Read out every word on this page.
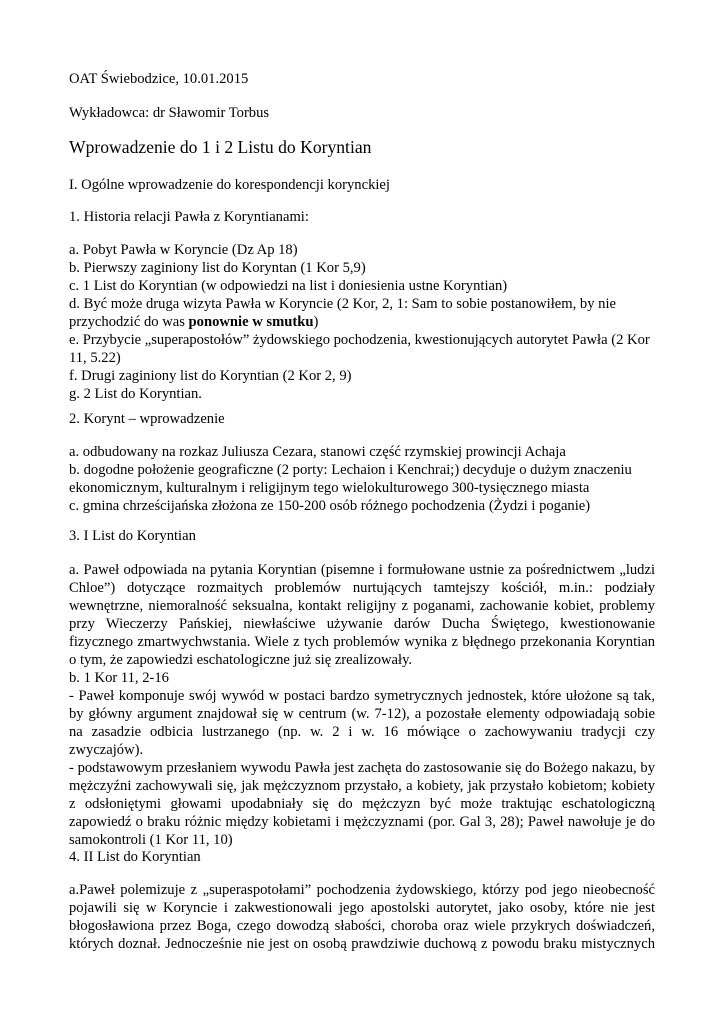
OAT Świebodzice, 10.01.2015
Wykładowca: dr Sławomir Torbus
Wprowadzenie do 1 i 2 Listu do Koryntian
I. Ogólne wprowadzenie do korespondencji korynckiej
1. Historia relacji Pawła z Koryntianami:
a. Pobyt Pawła w Koryncie (Dz Ap 18)
b. Pierwszy zaginiony list do Koryntan (1 Kor 5,9)
c. 1 List do Koryntian (w odpowiedzi na list i doniesienia ustne Koryntian)
d. Być może druga wizyta Pawła w Koryncie (2 Kor, 2, 1: Sam to sobie postanowiłem, by nie
przychodzić do was ponownie w smutku)
e. Przybycie „superapostołów” żydowskiego pochodzenia, kwestionujących autorytet Pawła (2 Kor
11, 5.22)
f. Drugi zaginiony list do Koryntian (2 Kor 2, 9)
g. 2 List do Koryntian.
2. Korynt – wprowadzenie
a. odbudowany na rozkaz Juliusza Cezara, stanowi część rzymskiej prowincji Achaja
b. dogodne położenie geograficzne (2 porty: Lechaion i Kenchrai;) decyduje o dużym znaczeniu
ekonomicznym, kulturalnym i religijnym tego wielokulturowego 300-tysięcznego miasta
c. gmina chrześcijańska złożona ze 150-200 osób różnego pochodzenia (Żydzi i poganie)
3. I List do Koryntian
a. Paweł odpowiada na pytania Koryntian (pisemne i formułowane ustnie za pośrednictwem „ludzi
Chloe”) dotyczące rozmaitych problemów nurtujących tamtejszy kościół, m.in.: podziały
wewnętrzne, niemoralność seksualna, kontakt religijny z poganami, zachowanie kobiet, problemy
przy Wieczerzy Pańskiej, niewłaściwe używanie darów Ducha Świętego, kwestionowanie
fizycznego zmartwychwstania. Wiele z tych problemów wynika z błędnego przekonania Koryntian
o tym, że zapowiedzi eschatologiczne już się zrealizowały.
b. 1 Kor 11, 2-16
- Paweł komponuje swój wywód w postaci bardzo symetrycznych jednostek, które ułożone są tak,
by główny argument znajdował się w centrum (w. 7-12), a pozostałe elementy odpowiadają sobie
na zasadzie odbicia lustrzanego (np. w. 2 i w. 16 mówiące o zachowywaniu tradycji czy
zwyczajów).
- podstawowym przesłaniem wywodu Pawła jest zachęta do zastosowanie się do Bożego nakazu, by
mężczyźni zachowywali się, jak mężczyznom przystało, a kobiety, jak przystało kobietom; kobiety
z odsłoniętymi głowami upodabniały się do mężczyzn być może traktując eschatologiczną
zapowiedź o braku różnic między kobietami i mężczyznami (por. Gal 3, 28); Paweł nawołuje je do
samokontroli (1 Kor 11, 10)
4. II List do Koryntian
a.Paweł polemizuje z „superaspotołami” pochodzenia żydowskiego, którzy pod jego nieobecność
pojawili się w Koryncie i zakwestionowali jego apostolski autorytet, jako osoby, które nie jest
błogosławiona przez Boga, czego dowodzą słabości, choroba oraz wiele przykrych doświadczeń,
których doznał. Jednocześnie nie jest on osobą prawdziwie duchową z powodu braku mistycznych
